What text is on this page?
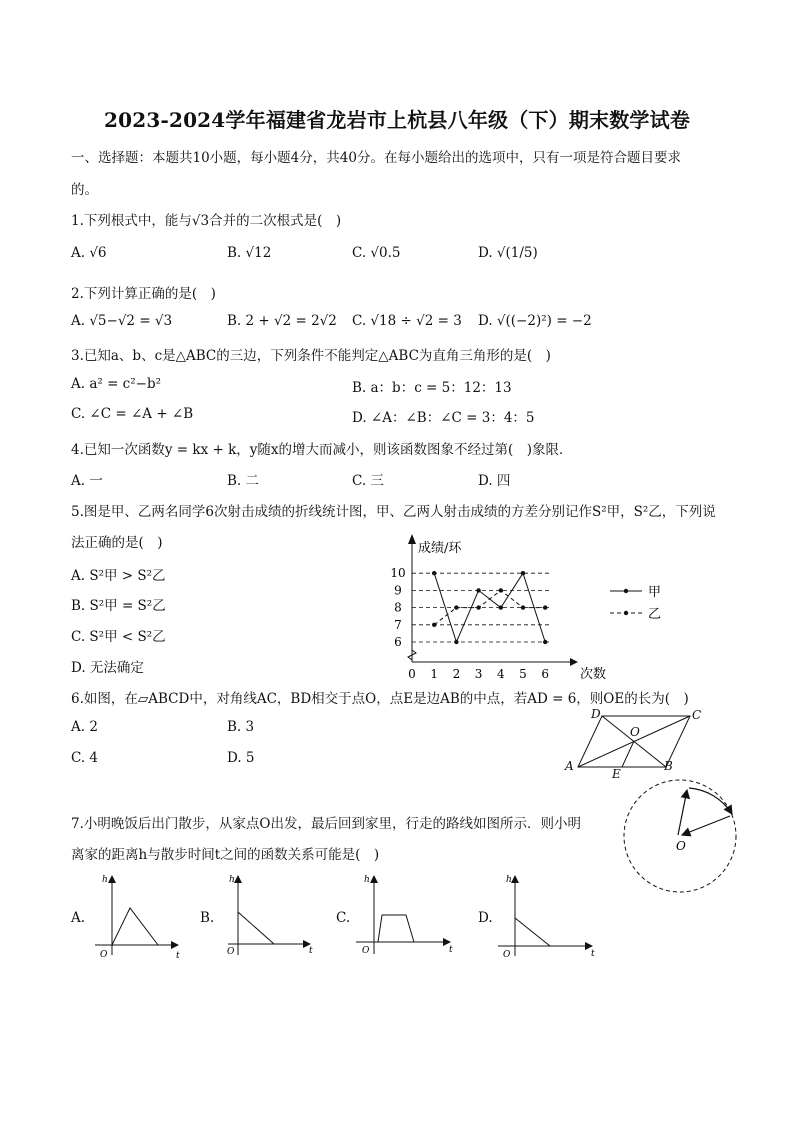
2023-2024学年福建省龙岩市上杭县八年级（下）期末数学试卷
一、选择题：本题共10小题，每小题4分，共40分。在每小题给出的选项中，只有一项是符合题目要求
的。
1.下列根式中，能与√3合并的二次根式是(　)
A. √6	B. √12	C. √0.5	D. √(1/5)
2.下列计算正确的是(　)
A. √5−√2 = √3	B. 2 + √2 = 2√2 C. √18 ÷ √2 = 3 D. √((−2)²) = −2
3.已知a、b、c是△ABC的三边，下列条件不能判定△ABC为直角三角形的是(　)
A. a² = c²−b²	B. a：b：c = 5：12：13
C. ∠C = ∠A + ∠B	D. ∠A：∠B：∠C = 3：4：5
4.已知一次函数y = kx + k，y随x的增大而减小，则该函数图象不经过第(　)象限．
A. 一	B. 二	C. 三	D. 四
5.图是甲、乙两名同学6次射击成绩的折线统计图，甲、乙两人射击成绩的方差分别记作S²甲，S²乙，下列说
法正确的是(　)
A. S²甲 > S²乙
B. S²甲 = S²乙
C. S²甲 < S²乙
D. 无法确定
6
7
8
9
10
0 1 2 3 4 5 6
成绩/环
次数
甲
乙
6.如图，在▱ABCD中，对角线AC，BD相交于点O，点E是边AB的中点，若AD = 6，则OE的长为(　)
A. 2	B. 3
C. 4	D. 5	A	B
C
D
O
E
7.小明晚饭后出门散步，从家点O出发，最后回到家里，行走的路线如图所示．则小明
离家的距离h与散步时间t之间的函数关系可能是(　)
O
A.
h
t
O
B.
h
t
O
C.
h
t
O
D.
h
t
O
